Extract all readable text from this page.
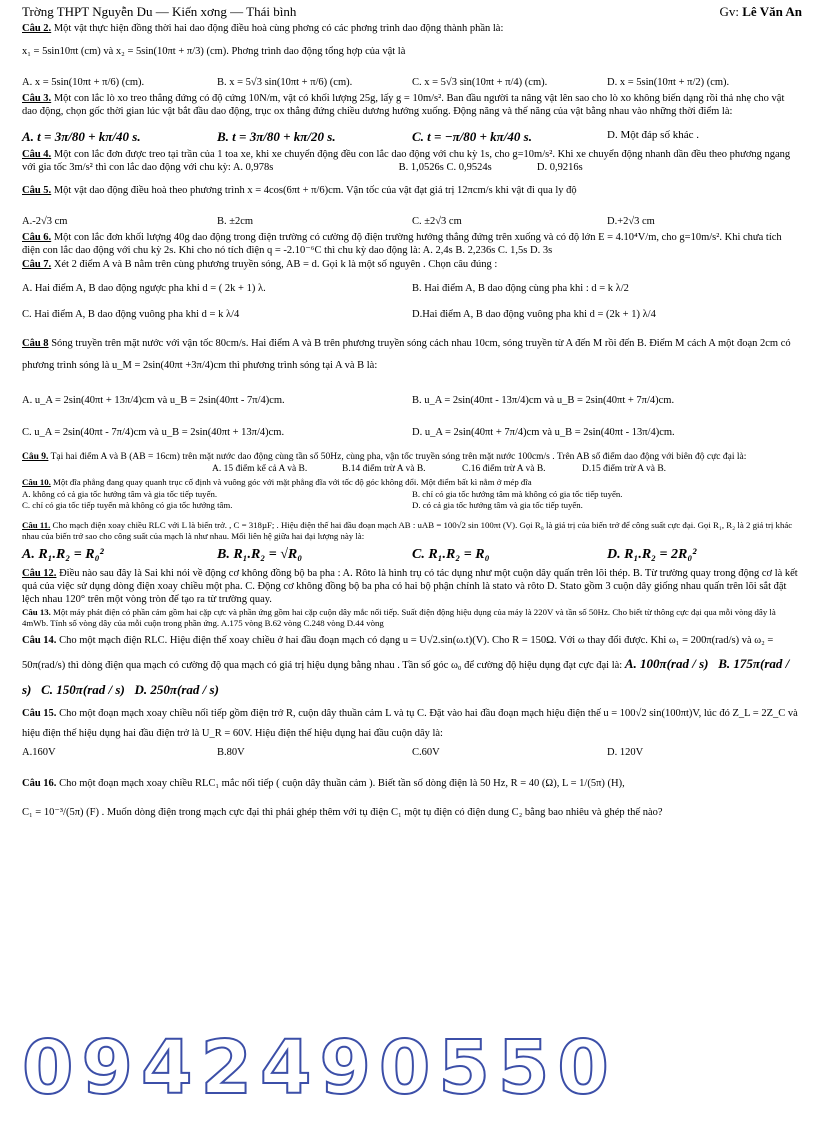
Trờng THPT Nguyễn Du — Kiến xơng — Thái bình	Gv: Lê Văn An
Câu 2. Một vật thực hiện đồng thời hai dao động điều hoà cùng phơng có các phơng trình dao động thành phần là:
x₁ = 5sin10πt (cm) và x₂ = 5sin(10πt + π/3) (cm). Phơng trình dao động tổng hợp của vật là
A. x = 5sin(10πt + π/6) (cm).	B. x = 5√3 sin(10πt + π/6) (cm).	C. x = 5√3 sin(10πt + π/4) (cm).	D. x = 5sin(10πt + π/2) (cm).
Câu 3. Một con lắc lò xo treo thẳng đứng có độ cứng 10N/m, vật có khối lượng 25g, lấy g = 10m/s². Ban đầu người ta nâng vật lên sao cho lò xo không biến dạng rồi thả nhẹ cho vật dao động, chọn gốc thời gian lúc vật bắt đầu dao động, trục ox thẳng đứng chiều dương hướng xuống. Động năng và thế năng của vật bằng nhau vào những thời điểm là:
A. t = 3π/80 + kπ/40 s.	B. t = 3π/80 + kπ/20 s.	C. t = −π/80 + kπ/40 s.	D. Một đáp số khác .
Câu 4. Một con lắc đơn được treo tại trần của 1 toa xe, khi xe chuyển động đều con lắc dao động với chu kỳ 1s, cho g=10m/s². Khi xe chuyển động nhanh dần đều theo phương ngang với gia tốc 3m/s² thì con lắc dao động với chu kỳ: A. 0,978s	B. 1,0526s C. 0,9524s	D. 0,9216s
Câu 5. Một vật dao động điều hoà theo phương trình x = 4cos(6πt + π/6)cm. Vận tốc của vật đạt giá trị 12πcm/s khi vật đi qua ly độ
A.-2√3 cm	B. ±2cm	C. ±2√3 cm	D.+2√3 cm
Câu 6. Một con lắc đơn khối lượng 40g dao động trong điện trường có cường độ điện trường hướng thẳng đứng trên xuống và có độ lớn E = 4.10⁴V/m, cho g=10m/s². Khi chưa tích điện con lắc dao động với chu kỳ 2s. Khi cho nó tích điện q = -2.10⁻⁶C thì chu kỳ dao động là: A. 2,4s B. 2,236s C. 1,5s D. 3s
Câu 7. Xét 2 điểm A và B nằm trên cùng phương truyền sóng, AB = d. Gọi k là một số nguyên . Chọn câu đúng :
A. Hai điểm A, B dao động ngược pha khi d = ( 2k + 1) λ.	B. Hai điểm A, B dao động cùng pha khi : d = k λ/2
C. Hai điểm A, B dao động vuông pha khi d = k λ/4	D.Hai điểm A, B dao động vuông pha khi d = (2k + 1) λ/4
Câu 8 Sóng truyền trên mặt nước với vận tốc 80cm/s. Hai điểm A và B trên phương truyền sóng cách nhau 10cm, sóng truyền từ A đến M rồi đến B. Điểm M cách A một đoạn 2cm có phương trình sóng là u_M = 2sin(40πt +3π/4)cm thì phương trình sóng tại A và B là:
A. u_A = 2sin(40πt + 13π/4)cm và u_B = 2sin(40πt - 7π/4)cm.	B. u_A = 2sin(40πt - 13π/4)cm và u_B = 2sin(40πt + 7π/4)cm.
C. u_A = 2sin(40πt - 7π/4)cm và u_B = 2sin(40πt + 13π/4)cm.	D. u_A = 2sin(40πt + 7π/4)cm và u_B = 2sin(40πt - 13π/4)cm.
Câu 9. Tại hai điểm A và B (AB = 16cm) trên mặt nước dao động cùng tần số 50Hz, cùng pha, vận tốc truyền sóng trên mặt nước 100cm/s . Trên AB số điểm dao động với biên độ cực đại là:
A. 15 điểm kể cả A và B.	B.14 điểm trừ A và B.	C.16 điểm trừ A và B.	D.15 điểm trừ A và B.
Câu 10. Một đĩa phẳng đang quay quanh trục cố định và vuông góc với mặt phẳng đĩa với tốc độ góc không đổi. Một điểm bất kì nằm ở mép đĩa
A. không có cả gia tốc hướng tâm và gia tốc tiếp tuyến.	B. chỉ có gia tốc hướng tâm mà không có gia tốc tiếp tuyến.
C. chỉ có gia tốc tiếp tuyến mà không có gia tốc hướng tâm.	D. có cả gia tốc hướng tâm và gia tốc tiếp tuyến.
Câu 11. Cho mạch điện xoay chiều RLC với L là biến trở. , C = 318µF; . Hiệu điện thế hai đầu đoạn mạch AB : uAB = 100√2 sin 100πt (V). Gọi R₀ là giá trị của biến trở để công suất cực đại. Gọi R₁, R₂ là 2 giá trị khác nhau của biến trở sao cho công suất của mạch là như nhau. Mối liên hệ giữa hai đại lượng này là:
A. R₁.R₂ = R₀²	B. R₁.R₂ = √R₀	C. R₁.R₂ = R₀	D. R₁.R₂ = 2R₀²
Câu 12. Điều nào sau đây là Sai khi nói về động cơ không đồng bộ ba pha : A. Rôto là hình trụ có tác dụng như một cuộn dây quấn trên lõi thép. B. Từ trường quay trong động cơ là kết quả của việc sử dụng dòng điện xoay chiều một pha. C. Động cơ không đồng bộ ba pha có hai bộ phận chính là stato và rôto D. Stato gồm 3 cuộn dây giống nhau quấn trên lõi sắt đặt lệch nhau 120° trên một vòng tròn để tạo ra từ trường quay.
Câu 13. Một máy phát điện có phần cảm gồm hai cặp cực và phần ứng gồm hai cặp cuộn dây mắc nối tiếp. Suất điện động hiệu dụng của máy là 220V và tần số 50Hz. Cho biết từ thông cực đại qua mỗi vòng dây là 4mWb. Tính số vòng dây của mỗi cuộn trong phần ứng. A.175 vòng B.62 vòng C.248 vòng D.44 vòng
Câu 14. Cho một mạch điện RLC. Hiệu điện thế xoay chiều ở hai đầu đoạn mạch có dạng u = U√2.sin(ω.t)(V). Cho R = 150Ω. Với ω thay đổi được. Khi ω₁ = 200π(rad/s) và ω₂ = 50π(rad/s) thì dòng điện qua mạch có cường độ qua mạch có giá trị hiệu dụng bằng nhau . Tần số góc ω₀ để cường độ hiệu dụng đạt cực đại là: A. 100π(rad / s) B. 175π(rad / s) C. 150π(rad / s) D. 250π(rad / s)
Câu 15. Cho một đoạn mạch xoay chiều nối tiếp gồm điện trở R, cuộn dây thuần cảm L và tụ C. Đặt vào hai đầu đoạn mạch hiệu điện thế u = 100√2 sin(100πt)V, lúc đó Z_L = 2Z_C và hiệu điện thế hiệu dụng hai đầu điện trở là U_R = 60V. Hiệu điện thế hiệu dụng hai đầu cuộn dây là:
A.160V	B.80V	C.60V	D. 120V
Câu 16. Cho một đoạn mạch xoay chiều RLC₁ mắc nối tiếp ( cuộn dây thuần cảm ). Biết tần số dòng điện là 50 Hz, R = 40 (Ω), L = 1/(5π) (H),
C₁ = 10⁻³/(5π) (F) . Muốn dòng điện trong mạch cực đại thì phải ghép thêm với tụ điện C₁ một tụ điện có điện dung C₂ bằng bao nhiêu và ghép thế nào?
0942490550
